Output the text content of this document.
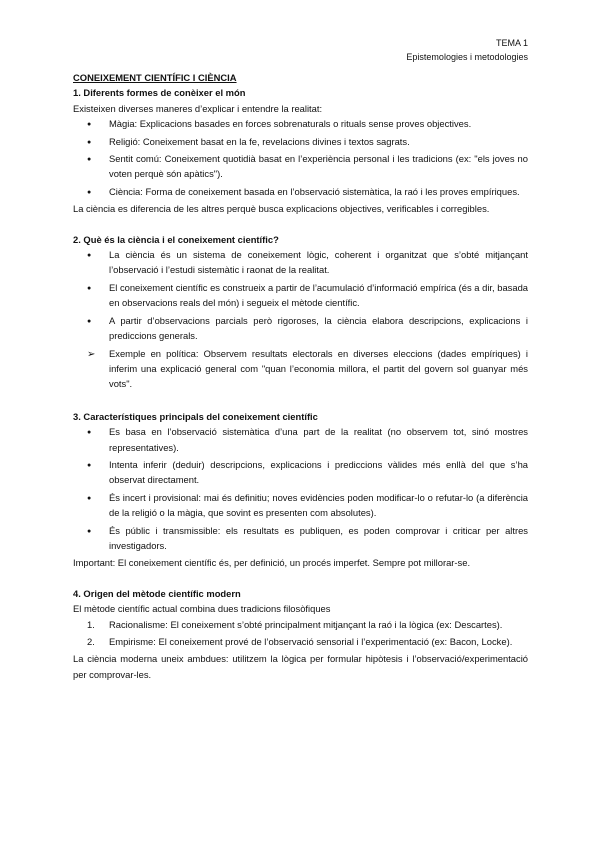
TEMA 1
Epistemologies i metodologies

CONEIXEMENT CIENTÍFIC I CIÈNCIA

1. Diferents formes de conèixer el món

Existeixen diverses maneres d’explicar i entendre la realitat:

●
Màgia: Explicacions basades en forces sobrenaturals o rituals sense proves objectives.
●
Religió: Coneixement basat en la fe, revelacions divines i textos sagrats.
●
Sentit comú: Coneixement quotidià basat en l’experiència personal i les tradicions (ex: "els joves no voten perquè són apàtics").
●
Ciència: Forma de coneixement basada en l’observació sistemàtica, la raó i les proves empíriques.

La ciència es diferencia de les altres perquè busca explicacions objectives, verificables i corregibles.

2. Què és la ciència i el coneixement científic?
●
La ciència és un sistema de coneixement lògic, coherent i organitzat que s’obté mitjançant l’observació i l’estudi sistemàtic i raonat de la realitat.
●
El coneixement científic es construeix a partir de l’acumulació d’informació empírica (és a dir, basada en observacions reals del món) i segueix el mètode científic.
●
A partir d’observacions parcials però rigoroses, la ciència elabora descripcions, explicacions i prediccions generals.
➢
Exemple en política: Observem resultats electorals en diverses eleccions (dades empíriques) i inferim una explicació general com "quan l’economia millora, el partit del govern sol guanyar més vots".
3. Característiques principals del coneixement científic
●
Es basa en l’observació sistemàtica d’una part de la realitat (no observem tot, sinó mostres representatives).
●
Intenta inferir (deduir) descripcions, explicacions i prediccions vàlides més enllà del que s’ha observat directament.
●
És incert i provisional: mai és definitiu; noves evidències poden modificar-lo o refutar-lo (a diferència de la religió o la màgia, que sovint es presenten com absolutes).
●
És públic i transmissible: els resultats es publiquen, es poden comprovar i criticar per altres investigadors.

Important: El coneixement científic és, per definició, un procés imperfet. Sempre pot millorar-se.

4. Origen del mètode científic modern

El mètode científic actual combina dues tradicions filosòfiques

1.	Racionalisme: El coneixement s’obté principalment mitjançant la raó i la lògica (ex: Descartes).
2.	Empirisme: El coneixement prové de l’observació sensorial i l’experimentació (ex: Bacon, Locke).

La ciència moderna uneix ambdues: utilitzem la lògica per formular hipòtesis i l’observació/experimentació per comprovar-les.
